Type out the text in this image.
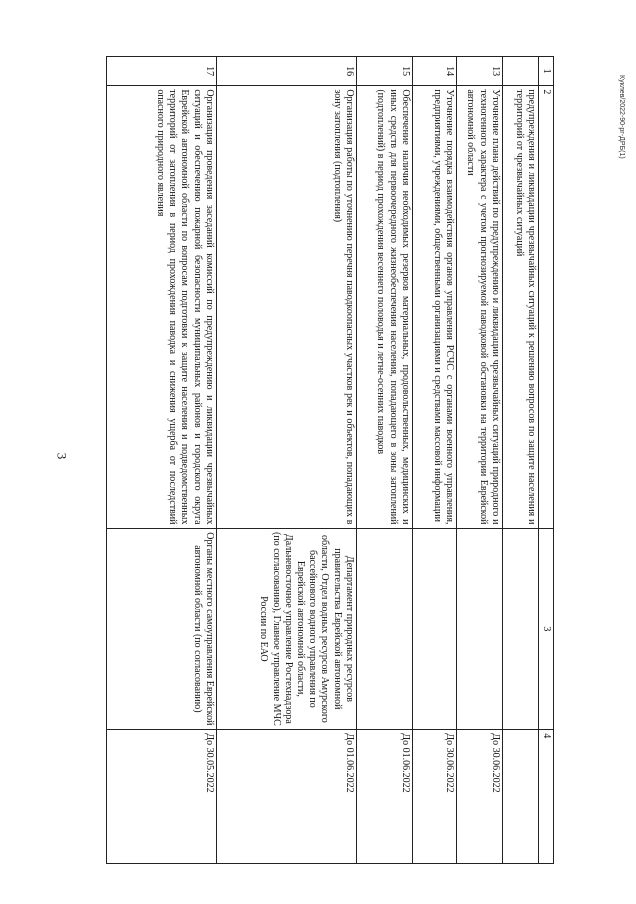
3
Куклев/2022-90-рг-ДРБ(1)
1	2	3	4
	предупреждения и ликвидации чрезвычайных ситуаций к решению вопросов по защите населения и территорий от чрезвычайных ситуаций		
13	Уточнение плана действий по предупреждению и ликвидации чрезвычайных ситуаций природного и техногенного характера с учетом прогнозируемой паводковой обстановки на территории Еврейской автономной области		До 30.06.2022
14	Уточнение порядка взаимодействия органов управления РСЧС с органами военного управления, предприятиями, учреждениями, общественными организациями и средствами массовой информации		До 30.06.2022
15	Обеспечение наличия необходимых резервов материальных, продовольственных, медицинских и иных средств для первоочередного жизнеобеспечения населения, попадающего в зоны затоплений (подтоплений) в период прохождения весеннего половодья и летне-осенних паводков		До 01.06.2022
16	Организация работы по уточнению перечня паводкоопасных участков рек и объектов, попадающих в зону затопления (подтопления)	Департамент природных ресурсов правительства Еврейской автономной области, Отдел водных ресурсов Амурского бассейнового водного управления по Еврейской автономной области, Дальневосточное управление Ростехнадзора (по согласованию), Главное управление МЧС России по ЕАО	До 01.06.2022
17	Организация проведения заседаний комиссий по предупреждению и ликвидации чрезвычайных ситуаций и обеспечению пожарной безопасности муниципальных районов и городского округа Еврейской автономной области по вопросам подготовки к защите населения и подведомственных территорий от затопления в период прохождения паводка и снижения ущерба от последствий опасного природного явления	Органы местного самоуправления Еврейской автономной области (по согласованию)	До 30.05.2022
